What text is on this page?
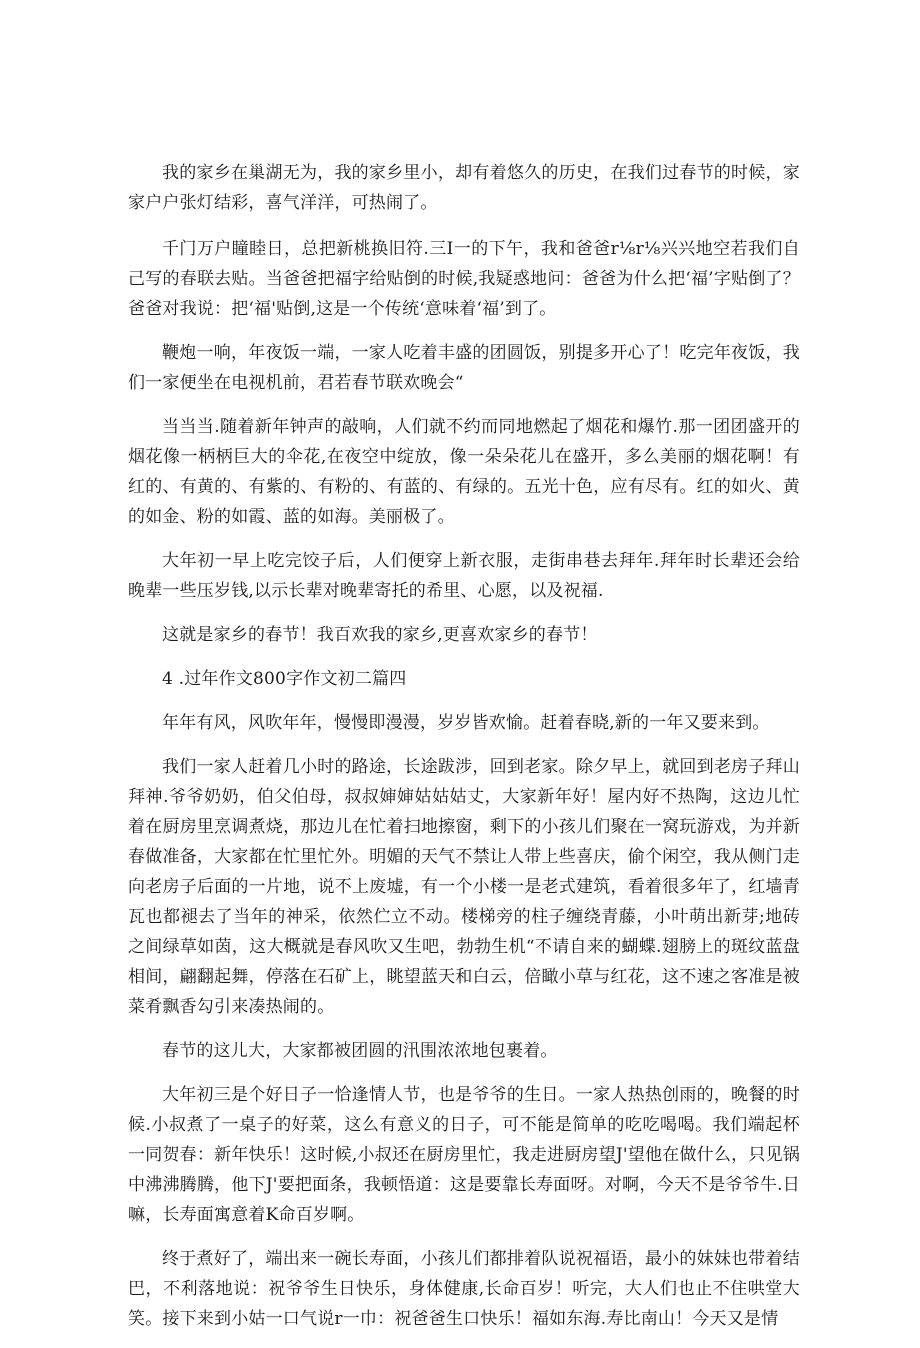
我的家乡在巢湖无为，我的家乡里小，却有着悠久的历史，在我们过春节的时候，家家户户张灯结彩，喜气洋洋，可热闹了。

千门万户瞳睦日，总把新桃换旧符.三I一的下午，我和爸爸r⅛r⅛兴兴地空若我们自己写的春联去贴。当爸爸把福字给贴倒的时候,我疑惑地问：爸爸为什么把‘福’字贴倒了？爸爸对我说：把‘福'贴倒,这是一个传统‘意味着‘福’到了。

鞭炮一响，年夜饭一端，一家人吃着丰盛的团圆饭，别提多开心了！吃完年夜饭，我们一家便坐在电视机前，君若春节联欢晚会“

当当当.随着新年钟声的敲响，人们就不约而同地燃起了烟花和爆竹.那一团团盛开的烟花像一柄柄巨大的伞花,在夜空中绽放，像一朵朵花儿在盛开，多么美丽的烟花啊！有红的、有黄的、有紫的、有粉的、有蓝的、有绿的。五光十色，应有尽有。红的如火、黄的如金、粉的如霞、蓝的如海。美丽极了。

大年初一早上吃完饺子后，人们便穿上新衣服，走街串巷去拜年.拜年时长辈还会给晚辈一些压岁钱,以示长辈对晚辈寄托的希里、心愿，以及祝福.

这就是家乡的春节！我百欢我的家乡,更喜欢家乡的春节！

4 .过年作文800字作文初二篇四

年年有风，风吹年年，慢慢即漫漫，岁岁皆欢愉。赶着春晓,新的一年又要来到。

我们一家人赶着几小时的路途，长途跋涉，回到老家。除夕早上，就回到老房子拜山拜神.爷爷奶奶，伯父伯母，叔叔婶婶姑姑姑丈，大家新年好！屋内好不热陶，这边儿忙着在厨房里烹调煮烧，那边儿在忙着扫地擦窗，剩下的小孩儿们聚在一窝玩游戏，为并新春做准备，大家都在忙里忙外。明媚的天气不禁让人带上些喜庆，偷个闲空，我从侧门走向老房子后面的一片地，说不上废墟，有一个小楼一是老式建筑，看着很多年了，红墙青瓦也都褪去了当年的神采，依然伫立不动。楼梯旁的柱子缠绕青藤，小叶萌出新芽;地砖之间绿草如茵，这大概就是春风吹又生吧，勃勃生机“不请自来的蝴蝶.翅膀上的斑纹蓝盘相间，翩翻起舞，停落在石矿上，眺望蓝天和白云，倍瞰小草与红花，这不速之客准是被菜肴飘香勾引来凑热闹的。

春节的这儿大，大家都被团圆的汛围浓浓地包裹着。

大年初三是个好日子一恰逢情人节，也是爷爷的生日。一家人热热创雨的，晚餐的时候.小叔煮了一桌子的好菜，这么有意义的日子，可不能是简单的吃吃喝喝。我们端起杯一同贺春：新年快乐！这时候,小叔还在厨房里忙，我走进厨房望J'望他在做什么，只见锅中沸沸腾腾，他下J'要把面条，我顿悟道：这是要靠长寿面呀。对啊，今天不是爷爷牛.日嘛，长寿面寓意着K命百岁啊。

终于煮好了，端出来一碗长寿面，小孩儿们都排着队说祝福语，最小的妹妹也带着结巴，不利落地说：祝爷爷生日快乐，身体健康,长命百岁！听完，大人们也止不住哄堂大笑。接下来到小姑一口气说r一巾：祝爸爸生口快乐！福如东海.寿比南山！今天又是情
